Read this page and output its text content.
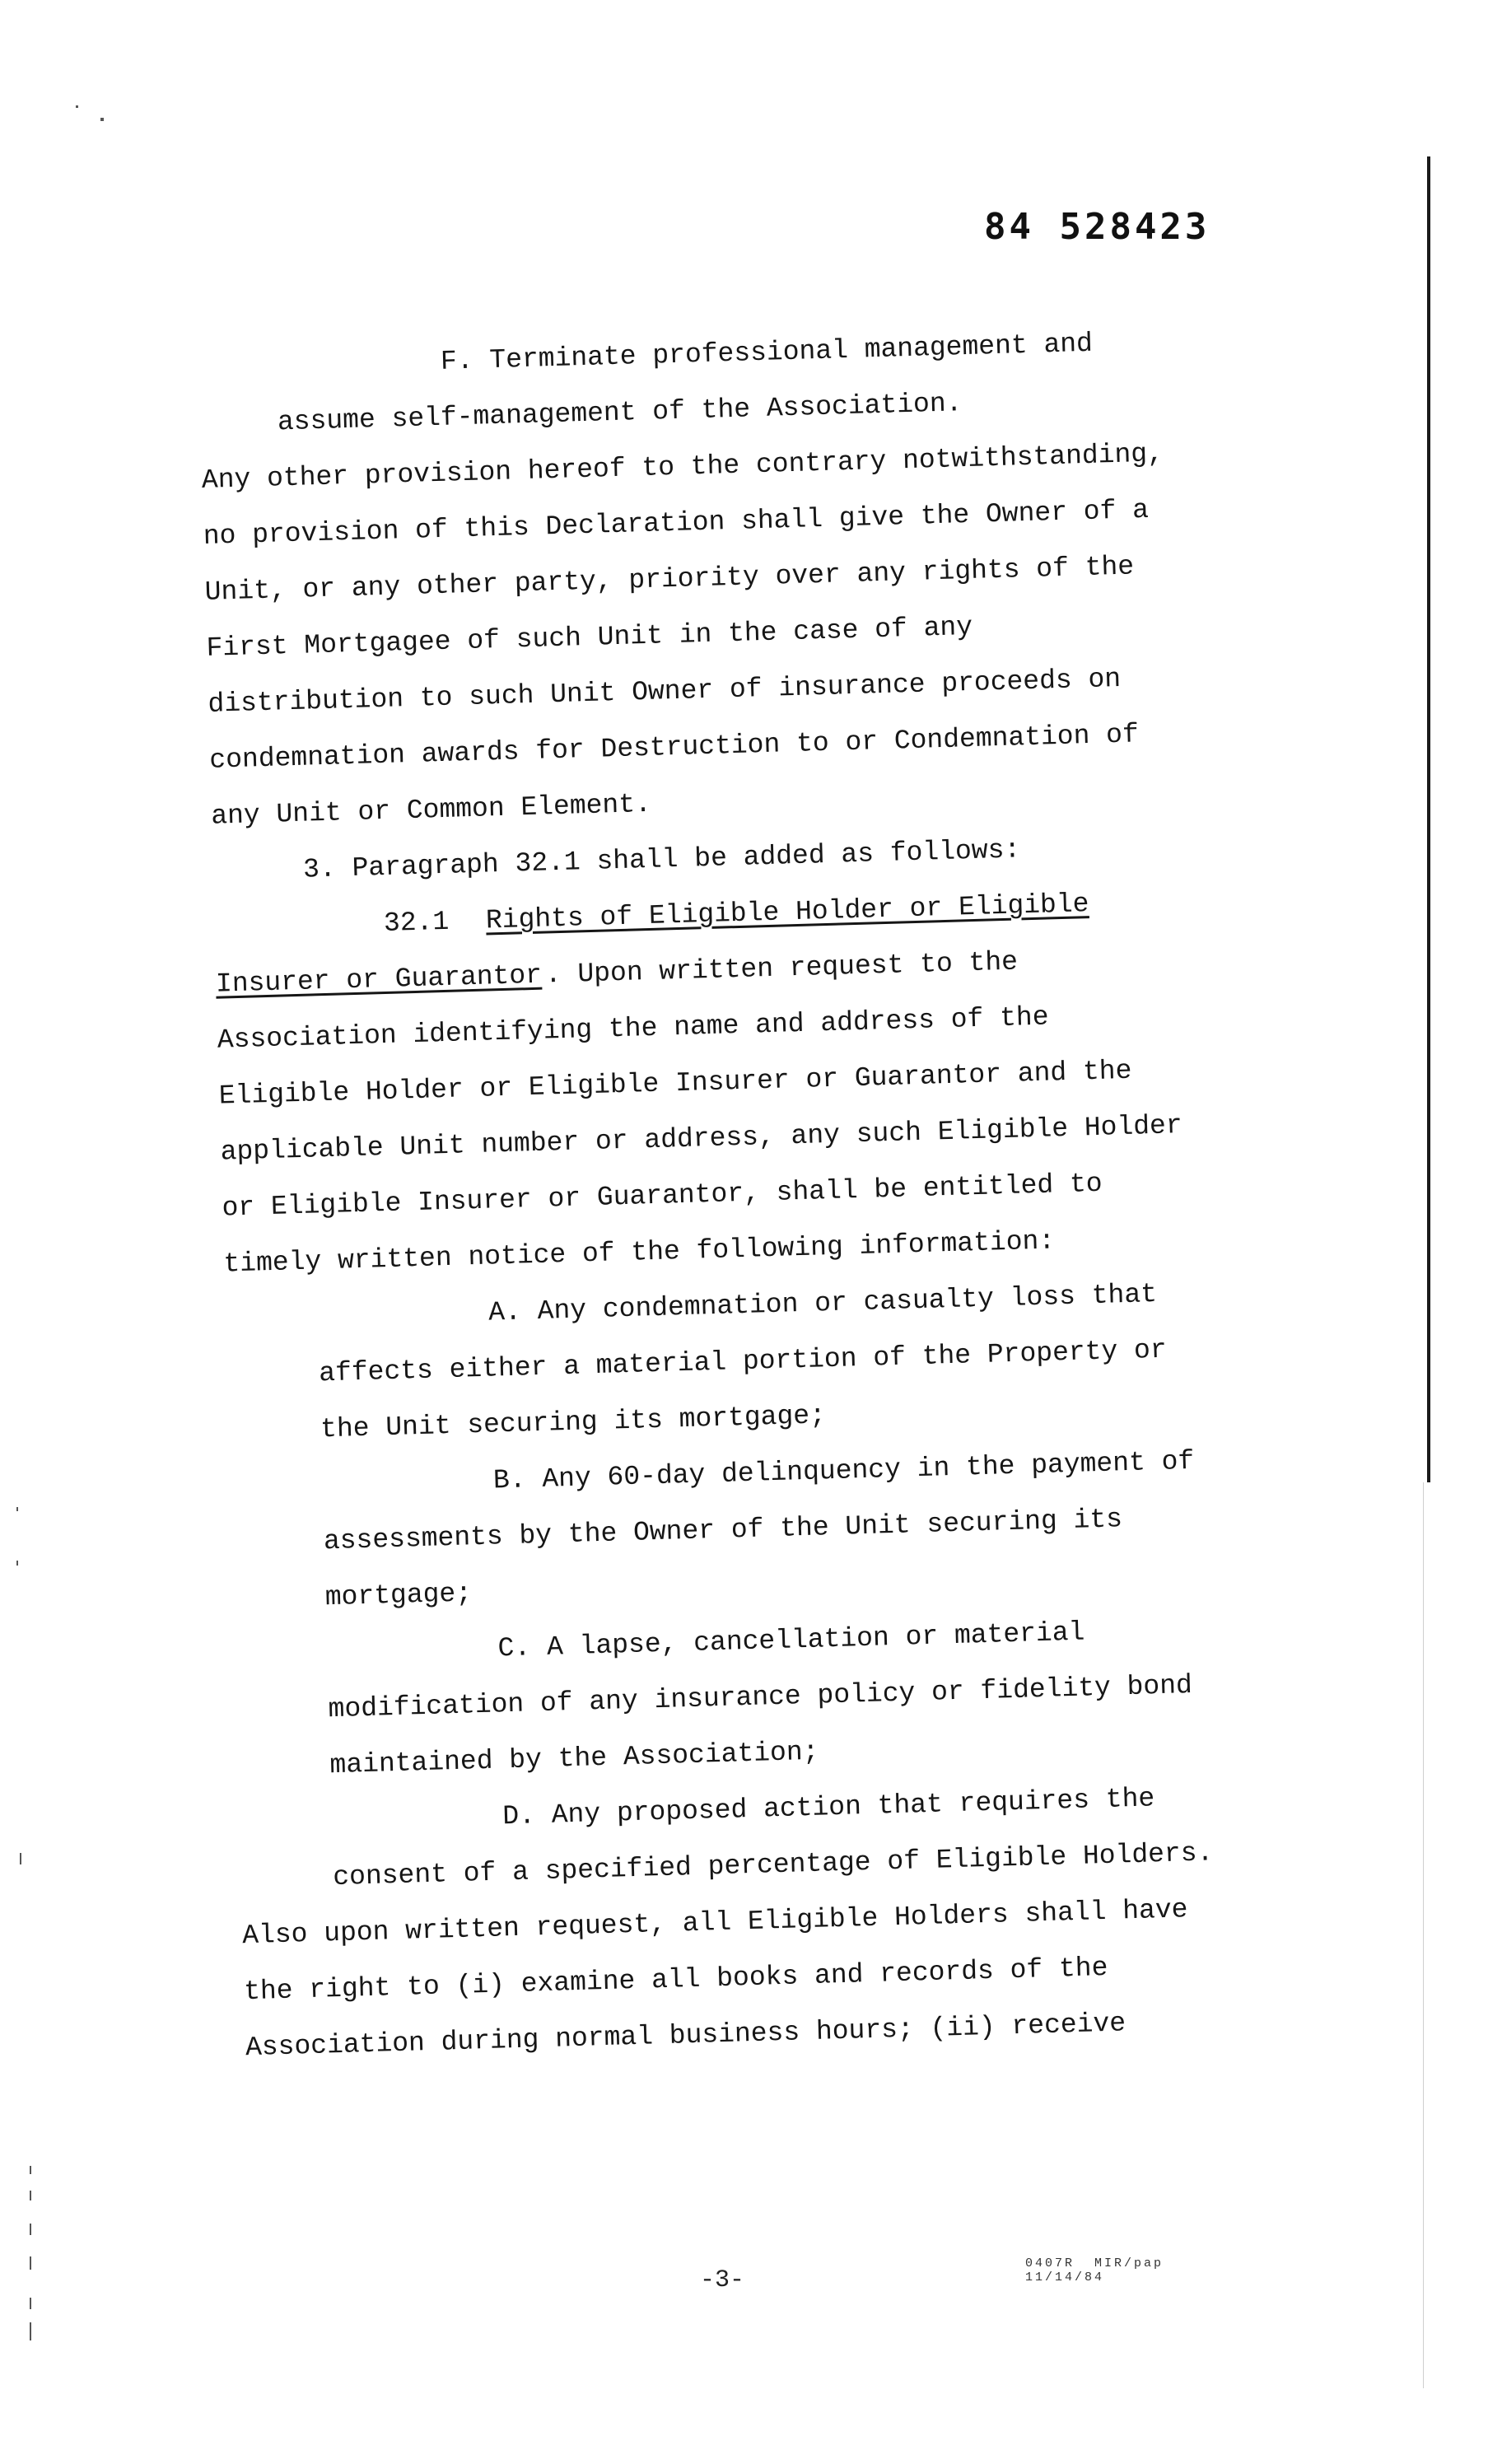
84 528423
F. Terminate professional management and
assume self-management of the Association.
Any other provision hereof to the contrary notwithstanding,
no provision of this Declaration shall give the Owner of a
Unit, or any other party, priority over any rights of the
First Mortgagee of such Unit in the case of any
distribution to such Unit Owner of insurance proceeds on
condemnation awards for Destruction to or Condemnation of
any Unit or Common Element.
3. Paragraph 32.1 shall be added as follows:
32.1 Rights of Eligible Holder or Eligible
Insurer or Guarantor . Upon written request to the
Association identifying the name and address of the
Eligible Holder or Eligible Insurer or Guarantor and the
applicable Unit number or address, any such Eligible Holder
or Eligible Insurer or Guarantor, shall be entitled to
timely written notice of the following information:
A. Any condemnation or casualty loss that
affects either a material portion of the Property or
the Unit securing its mortgage;
B. Any 60-day delinquency in the payment of
assessments by the Owner of the Unit securing its
mortgage;
C. A lapse, cancellation or material
modification of any insurance policy or fidelity bond
maintained by the Association;
D. Any proposed action that requires the
consent of a specified percentage of Eligible Holders.
Also upon written request, all Eligible Holders shall have
the right to (i) examine all books and records of the
Association during normal business hours; (ii) receive
-3-
0407R  MIR/pap
11/14/84
